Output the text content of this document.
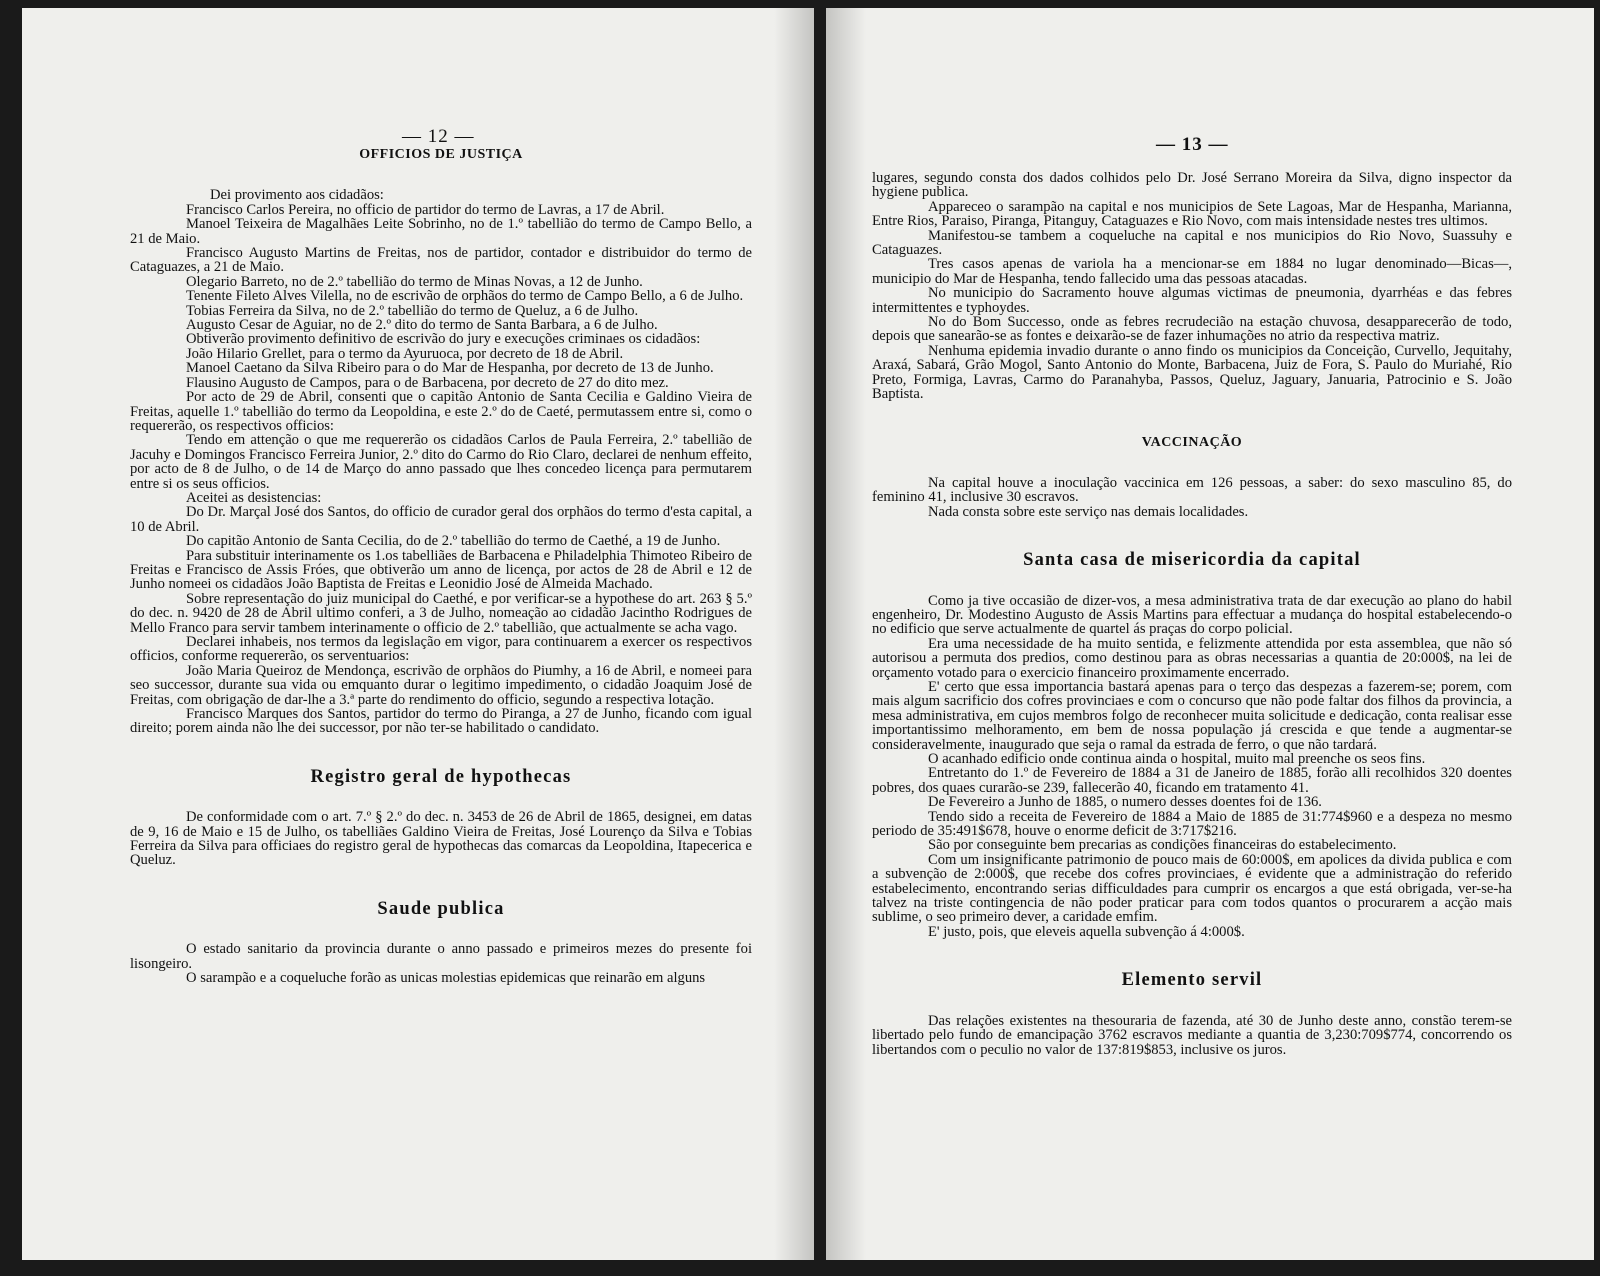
— 12 —
OFFICIOS DE JUSTIÇA

Dei provimento aos cidadãos:

Francisco Carlos Pereira, no officio de partidor do termo de Lavras, a 17 de Abril.

Manoel Teixeira de Magalhães Leite Sobrinho, no de 1.º tabellião do termo de Campo Bello, a 21 de Maio.

Francisco Augusto Martins de Freitas, nos de partidor, contador e distribuidor do termo de Cataguazes, a 21 de Maio.

Olegario Barreto, no de 2.º tabellião do termo de Minas Novas, a 12 de Junho.

Tenente Fileto Alves Vilella, no de escrivão de orphãos do termo de Campo Bello, a 6 de Julho.

Tobias Ferreira da Silva, no de 2.º tabellião do termo de Queluz, a 6 de Julho.

Augusto Cesar de Aguiar, no de 2.º dito do termo de Santa Barbara, a 6 de Julho.

Obtiverão provimento definitivo de escrivão do jury e execuções criminaes os cidadãos:

João Hilario Grellet, para o termo da Ayuruoca, por decreto de 18 de Abril.

Manoel Caetano da Silva Ribeiro para o do Mar de Hespanha, por decreto de 13 de Junho.

Flausino Augusto de Campos, para o de Barbacena, por decreto de 27 do dito mez.

Por acto de 29 de Abril, consenti que o capitão Antonio de Santa Cecilia e Galdino Vieira de Freitas, aquelle 1.º tabellião do termo da Leopoldina, e este 2.º do de Caeté, permutassem entre si, como o requererão, os respectivos officios:

Tendo em attenção o que me requererão os cidadãos Carlos de Paula Ferreira, 2.º tabellião de Jacuhy e Domingos Francisco Ferreira Junior, 2.º dito do Carmo do Rio Claro, declarei de nenhum effeito, por acto de 8 de Julho, o de 14 de Março do anno passado que lhes concedeo licença para permutarem entre si os seus officios.

Aceitei as desistencias:

Do Dr. Marçal José dos Santos, do officio de curador geral dos orphãos do termo d'esta capital, a 10 de Abril.

Do capitão Antonio de Santa Cecilia, do de 2.º tabellião do termo de Caethé, a 19 de Junho.

Para substituir interinamente os 1.os tabelliães de Barbacena e Philadelphia Thimoteo Ribeiro de Freitas e Francisco de Assis Fróes, que obtiverão um anno de licença, por actos de 28 de Abril e 12 de Junho nomeei os cidadãos João Baptista de Freitas e Leonidio José de Almeida Machado.

Sobre representação do juiz municipal do Caethé, e por verificar-se a hypothese do art. 263 § 5.º do dec. n. 9420 de 28 de Abril ultimo conferi, a 3 de Julho, nomeação ao cidadão Jacintho Rodrigues de Mello Franco para servir tambem interinamente o officio de 2.º tabellião, que actualmente se acha vago.

Declarei inhabeis, nos termos da legislação em vigor, para continuarem a exercer os respectivos officios, conforme requererão, os serventuarios:

João Maria Queiroz de Mendonça, escrivão de orphãos do Piumhy, a 16 de Abril, e nomeei para seo successor, durante sua vida ou emquanto durar o legitimo impedimento, o cidadão Joaquim José de Freitas, com obrigação de dar-lhe a 3.ª parte do rendimento do officio, segundo a respectiva lotação.

Francisco Marques dos Santos, partidor do termo do Piranga, a 27 de Junho, ficando com igual direito; porem ainda não lhe dei successor, por não ter-se habilitado o candidato.

Registro geral de hypothecas

De conformidade com o art. 7.º § 2.º do dec. n. 3453 de 26 de Abril de 1865, designei, em datas de 9, 16 de Maio e 15 de Julho, os tabelliães Galdino Vieira de Freitas, José Lourenço da Silva e Tobias Ferreira da Silva para officiaes do registro geral de hypothecas das comarcas da Leopoldina, Itapecerica e Queluz.

Saude publica

O estado sanitario da provincia durante o anno passado e primeiros mezes do presente foi lisongeiro.

O sarampão e a coqueluche forão as unicas molestias epidemicas que reinarão em alguns

— 13 —

lugares, segundo consta dos dados colhidos pelo Dr. José Serrano Moreira da Silva, digno inspector da hygiene publica.

Appareceo o sarampão na capital e nos municipios de Sete Lagoas, Mar de Hespanha, Marianna, Entre Rios, Paraiso, Piranga, Pitanguy, Cataguazes e Rio Novo, com mais intensidade nestes tres ultimos.

Manifestou-se tambem a coqueluche na capital e nos municipios do Rio Novo, Suassuhy e Cataguazes.

Tres casos apenas de variola ha a mencionar-se em 1884 no lugar denominado—Bicas—, municipio do Mar de Hespanha, tendo fallecido uma das pessoas atacadas.

No municipio do Sacramento houve algumas victimas de pneumonia, dyarrhéas e das febres intermittentes e typhoydes.

No do Bom Successo, onde as febres recrudecião na estação chuvosa, desapparecerão de todo, depois que sanearão-se as fontes e deixarão-se de fazer inhumações no atrio da respectiva matriz.

Nenhuma epidemia invadio durante o anno findo os municipios da Conceição, Curvello, Jequitahy, Araxá, Sabará, Grão Mogol, Santo Antonio do Monte, Barbacena, Juiz de Fora, S. Paulo do Muriahé, Rio Preto, Formiga, Lavras, Carmo do Paranahyba, Passos, Queluz, Jaguary, Januaria, Patrocinio e S. João Baptista.

VACCINAÇÃO

Na capital houve a inoculação vaccinica em 126 pessoas, a saber: do sexo masculino 85, do feminino 41, inclusive 30 escravos.

Nada consta sobre este serviço nas demais localidades.

Santa casa de misericordia da capital

Como ja tive occasião de dizer-vos, a mesa administrativa trata de dar execução ao plano do habil engenheiro, Dr. Modestino Augusto de Assis Martins para effectuar a mudança do hospital estabelecendo-o no edificio que serve actualmente de quartel ás praças do corpo policial.

Era uma necessidade de ha muito sentida, e felizmente attendida por esta assemblea, que não só autorisou a permuta dos predios, como destinou para as obras necessarias a quantia de 20:000$, na lei de orçamento votado para o exercicio financeiro proximamente encerrado.

E' certo que essa importancia bastará apenas para o terço das despezas a fazerem-se; porem, com mais algum sacrificio dos cofres provinciaes e com o concurso que não pode faltar dos filhos da provincia, a mesa administrativa, em cujos membros folgo de reconhecer muita solicitude e dedicação, conta realisar esse importantissimo melhoramento, em bem de nossa população já crescida e que tende a augmentar-se consideravelmente, inaugurado que seja o ramal da estrada de ferro, o que não tardará.

O acanhado edificio onde continua ainda o hospital, muito mal preenche os seos fins.

Entretanto do 1.º de Fevereiro de 1884 a 31 de Janeiro de 1885, forão alli recolhidos 320 doentes pobres, dos quaes curarão-se 239, fallecerão 40, ficando em tratamento 41.

De Fevereiro a Junho de 1885, o numero desses doentes foi de 136.

Tendo sido a receita de Fevereiro de 1884 a Maio de 1885 de 31:774$960 e a despeza no mesmo periodo de 35:491$678, houve o enorme deficit de 3:717$216.

São por conseguinte bem precarias as condições financeiras do estabelecimento.

Com um insignificante patrimonio de pouco mais de 60:000$, em apolices da divida publica e com a subvenção de 2:000$, que recebe dos cofres provinciaes, é evidente que a administração do referido estabelecimento, encontrando serias difficuldades para cumprir os encargos a que está obrigada, ver-se-ha talvez na triste contingencia de não poder praticar para com todos quantos o procurarem a acção mais sublime, o seo primeiro dever, a caridade emfim.

E' justo, pois, que eleveis aquella subvenção á 4:000$.

Elemento servil

Das relações existentes na thesouraria de fazenda, até 30 de Junho deste anno, constão terem-se libertado pelo fundo de emancipação 3762 escravos mediante a quantia de 3,230:709$774, concorrendo os libertandos com o peculio no valor de 137:819$853, inclusive os juros.
